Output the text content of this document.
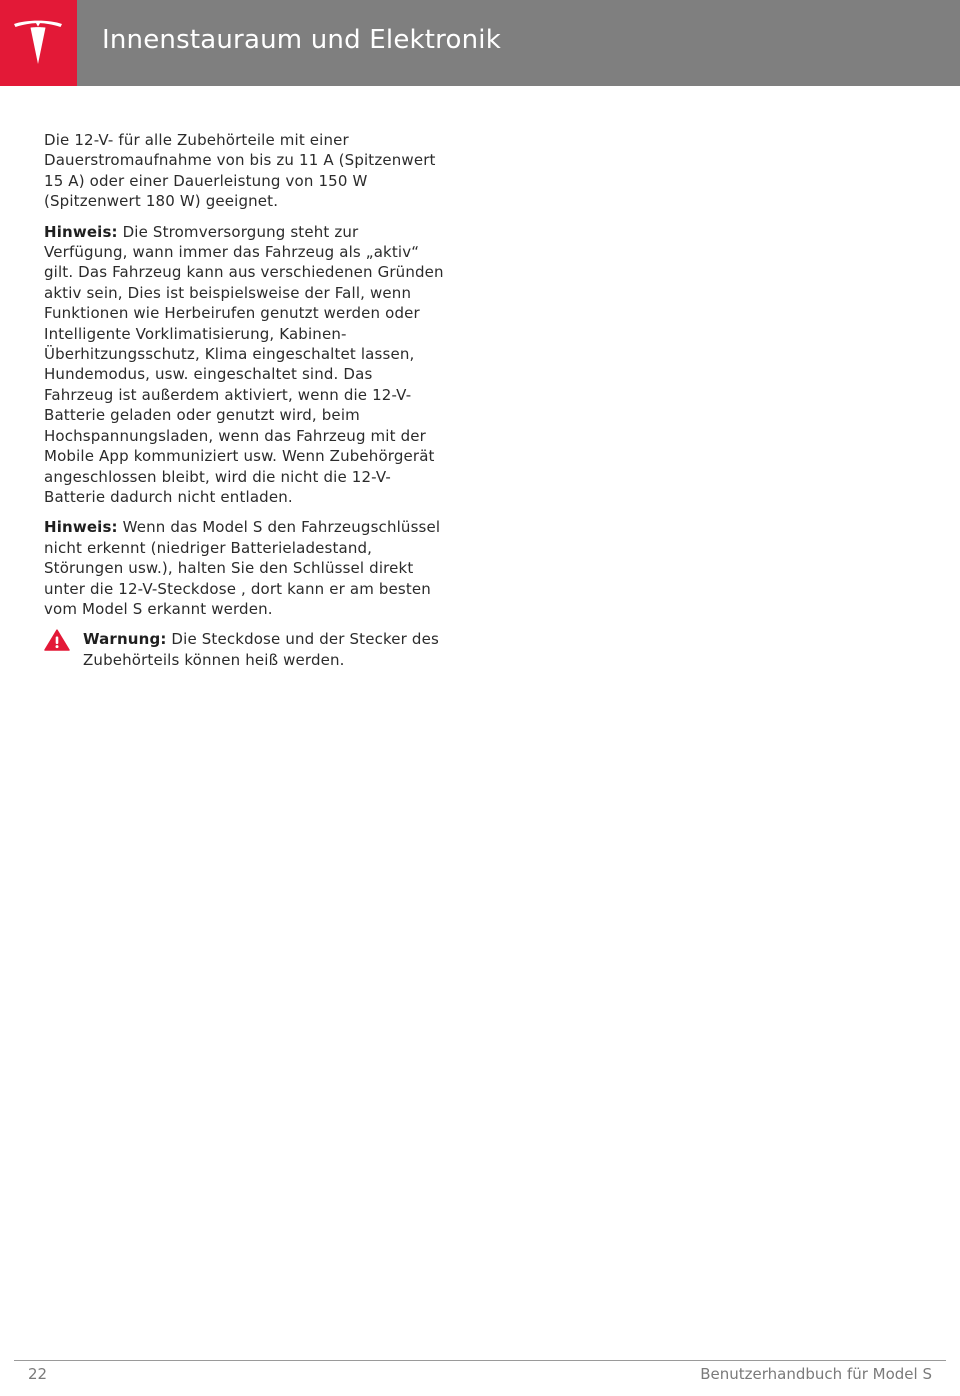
Innenstauraum und Elektronik

Die 12-V- für alle Zubehörteile mit einer Dauerstromaufnahme von bis zu 11 A (Spitzenwert 15 A) oder einer Dauerleistung von 150 W (Spitzenwert 180 W) geeignet.

Hinweis: Die Stromversorgung steht zur Verfügung, wann immer das Fahrzeug als „aktiv“ gilt. Das Fahrzeug kann aus verschiedenen Gründen aktiv sein, Dies ist beispielsweise der Fall, wenn Funktionen wie Herbeirufen genutzt werden oder Intelligente Vorklimatisierung, Kabinen-Überhitzungsschutz, Klima eingeschaltet lassen, Hundemodus, usw. eingeschaltet sind. Das Fahrzeug ist außerdem aktiviert, wenn die 12-V-Batterie geladen oder genutzt wird, beim Hochspannungsladen, wenn das Fahrzeug mit der Mobile App kommuniziert usw. Wenn Zubehörgerät angeschlossen bleibt, wird die nicht die 12-V-Batterie dadurch nicht entladen.

Hinweis: Wenn das Model S den Fahrzeugschlüssel nicht erkennt (niedriger Batterieladestand, Störungen usw.), halten Sie den Schlüssel direkt unter die 12-V-Steckdose , dort kann er am besten vom Model S erkannt werden.

Warnung: Die Steckdose und der Stecker des Zubehörteils können heiß werden.
22	Benutzerhandbuch für Model S
